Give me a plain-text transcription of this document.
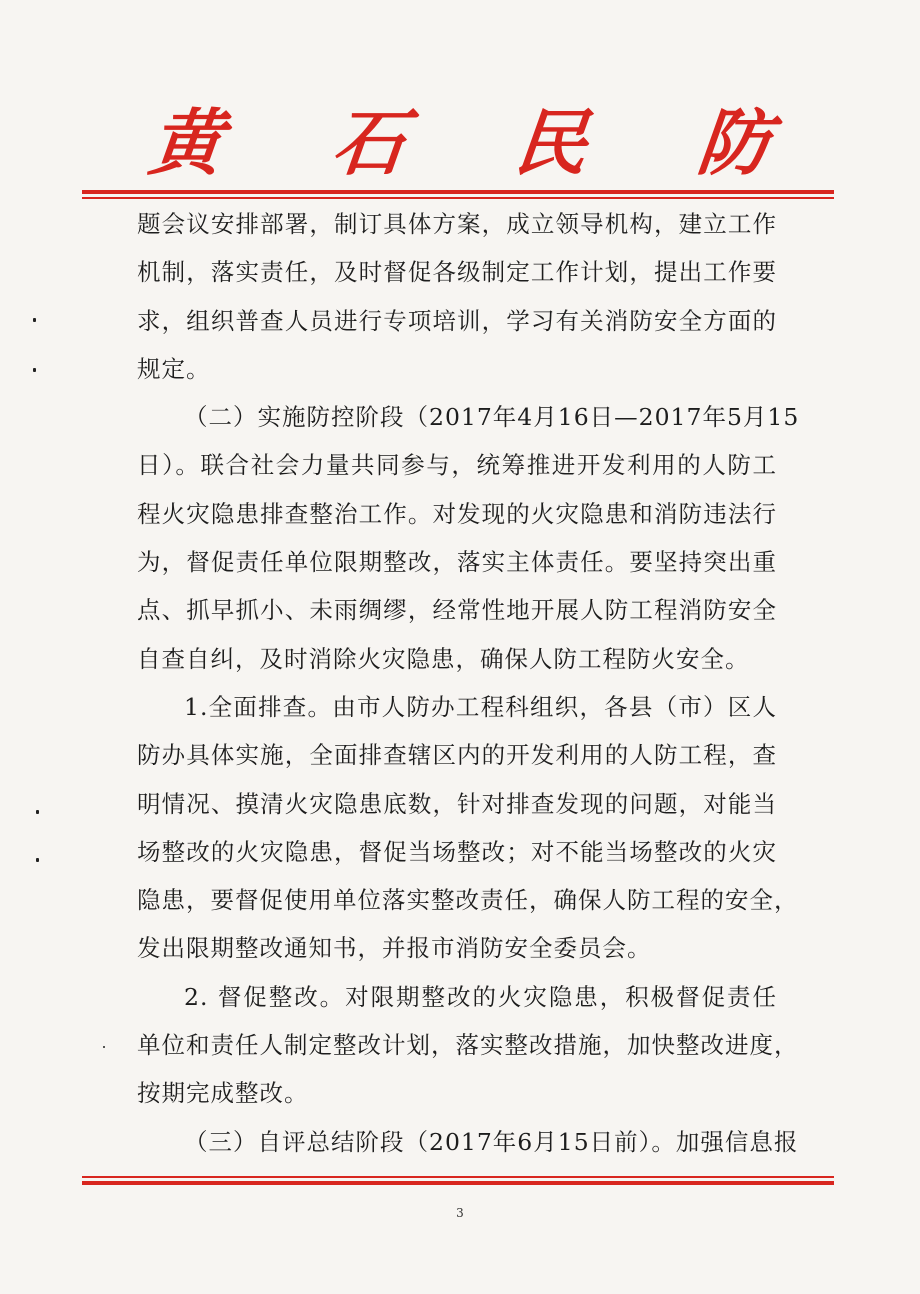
黄 石 民 防
题会议安排部署，制订具体方案，成立领导机构，建立工作
机制，落实责任，及时督促各级制定工作计划，提出工作要
求，组织普查人员进行专项培训，学习有关消防安全方面的
规定。
（二）实施防控阶段（2017年4月16日—2017年5月15
日）。联合社会力量共同参与，统筹推进开发利用的人防工
程火灾隐患排查整治工作。对发现的火灾隐患和消防违法行
为，督促责任单位限期整改，落实主体责任。要坚持突出重
点、抓早抓小、未雨绸缪，经常性地开展人防工程消防安全
自查自纠，及时消除火灾隐患，确保人防工程防火安全。
1.全面排查。由市人防办工程科组织，各县（市）区人
防办具体实施，全面排查辖区内的开发利用的人防工程，查
明情况、摸清火灾隐患底数，针对排查发现的问题，对能当
场整改的火灾隐患，督促当场整改；对不能当场整改的火灾
隐患，要督促使用单位落实整改责任，确保人防工程的安全，
发出限期整改通知书，并报市消防安全委员会。
2. 督促整改。对限期整改的火灾隐患，积极督促责任
单位和责任人制定整改计划，落实整改措施，加快整改进度，
按期完成整改。
（三）自评总结阶段（2017年6月15日前）。加强信息报
3
